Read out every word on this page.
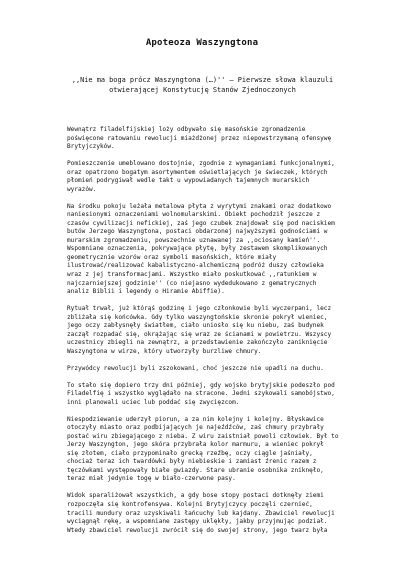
Apoteoza Waszyngtona
,,Nie ma boga prócz Waszyngtona (…)'' – Pierwsze słowa klauzuli
otwierającej Konstytucję Stanów Zjednoczonych

Wewnątrz filadelfijskiej loży odbywało się masońskie zgromadzenie
poświęcone ratowaniu rewolucji miażdżonej przez niepowstrzymaną ofensywę
Brytyjczyków.

Pomieszczenie umeblowano dostojnie, zgodnie z wymaganiami funkcjonalnymi,
oraz opatrzono bogatym asortymentem oświetlających je świeczek, których
płomień podrygiwał wedle takt u wypowiadanych tajemnych murarskich
wyrazów.

Na środku pokoju leżała metalowa płyta z wyrytymi znakami oraz dodatkowo
naniesionymi oznaczeniami wolnomularskimi. Obiekt pochodził jeszcze z
czasów cywilizacji nefickiej, zaś jego czubek znajdował się pod naciskiem
butów Jerzego Waszyngtona, postaci obdarzonej najwyższymi godnościami w
murarskim zgromadzeniu, powszechnie uznawanej za ,,ociosany kamień''.
Wspomniane oznaczenia, pokrywające płytę, były zestawem skomplikowanych
geometrycznie wzorów oraz symboli masońskich, które miały
ilustrować/realizować kabalistyczno-alchemiczną podróż duszy człowieka
wraz z jej transformacjami. Wszystko miało poskutkować ,,ratunkiem w
najczarniejszej godzinie'' (co niejasno wydedukowano z gematrycznych
analiz Biblii i legendy o Hiramie Abiffie).

Rytuał trwał, już którąś godzinę i jego członkowie byli wyczerpani, lecz
zbliżała się końcówka. Gdy tylko waszyngtońskie skronie pokrył wieniec,
jego oczy zabłysnęły światłem, ciało uniosło się ku niebu, zaś budynek
zaczął rozpadać się, okrążając się wraz ze ścianami w powietrzu. Wszyscy
uczestnicy zbiegli na zewnątrz, a przedstawienie zakończyło zaniknięcie
Waszyngtona w wirze, który utworzyły burzliwe chmury.

Przywódcy rewolucji byli zszokowani, choć jeszcze nie upadli na duchu.

To stało się dopiero trzy dni później, gdy wojsko brytyjskie podeszło pod
Filadelfię i wszystko wyglądało na stracone. Jedni szykowali samobójstwo,
inni planowali uciec lub poddać się zwycięzcom.

Niespodziewanie uderzył piorun, a za nim kolejny i kolejny. Błyskawice
otoczyły miasto oraz podbijających je najeźdźców, zaś chmury przybrały
postać wiru zbiegającego z nieba. Z wiru zaistniał powoli człowiek. Był to
Jerzy Waszyngton, jego skóra przybrała kolor marmuru, a wieniec pokrył
się złotem, ciało przypominało grecką rzeźbę, oczy ciągle jaśniały,
chociaż teraz ich twardówki były niebieskie i zamiast źrenic razem z
tęczówkami występowały białe gwiazdy. Stare ubranie osobnika zniknęło,
teraz miał jedynie togę w biało-czerwone pasy.

Widok sparaliżował wszystkich, a gdy bose stopy postaci dotknęły ziemi
rozpoczęła się kontrofensywa. Kolejni Brytyjczycy poczęli czernieć,
tracili mundury oraz uzyskiwali łańcuchy lub kajdany. Zbawiciel rewolucji
wyciągnął rękę, a wspomniane zastępy uklękły, jakby przyjmując podział.
Wtedy zbawiciel rewolucji zwrócił się do swojej strony, jego twarz była
